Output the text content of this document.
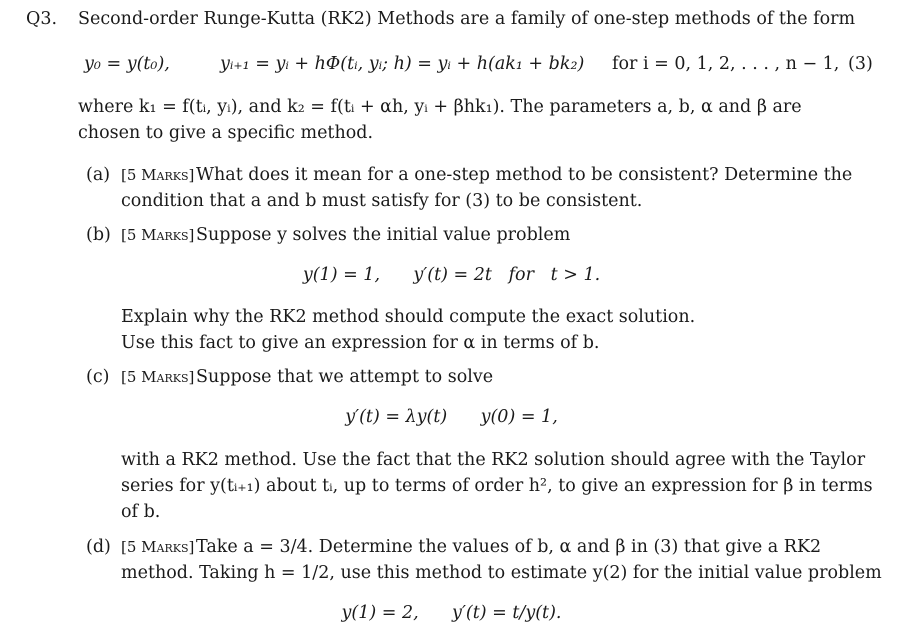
Q3. Second-order Runge-Kutta (RK2) Methods are a family of one-step methods of the form
y₀ = y(t₀),	yᵢ₊₁ = yᵢ + hΦ(tᵢ, yᵢ; h) = yᵢ + h(ak₁ + bk₂) for i = 0, 1, 2, . . . , n − 1, (3)
where k₁ = f(tᵢ, yᵢ), and k₂ = f(tᵢ + αh, yᵢ + βhk₁). The parameters a, b, α and β are
chosen to give a specific method.
(a) [5 Marks] What does it mean for a one-step method to be consistent? Determine the
condition that a and b must satisfy for (3) to be consistent.
(b) [5 Marks] Suppose y solves the initial value problem
y(1) = 1,      y′(t) = 2t   for   t > 1.
Explain why the RK2 method should compute the exact solution.
Use this fact to give an expression for α in terms of b.
(c) [5 Marks] Suppose that we attempt to solve
y′(t) = λy(t)      y(0) = 1,
with a RK2 method. Use the fact that the RK2 solution should agree with the Taylor
series for y(tᵢ₊₁) about tᵢ, up to terms of order h², to give an expression for β in terms
of b.
(d) [5 Marks] Take a = 3/4. Determine the values of b, α and β in (3) that give a RK2
method. Taking h = 1/2, use this method to estimate y(2) for the initial value problem
y(1) = 2,      y′(t) = t/y(t).
